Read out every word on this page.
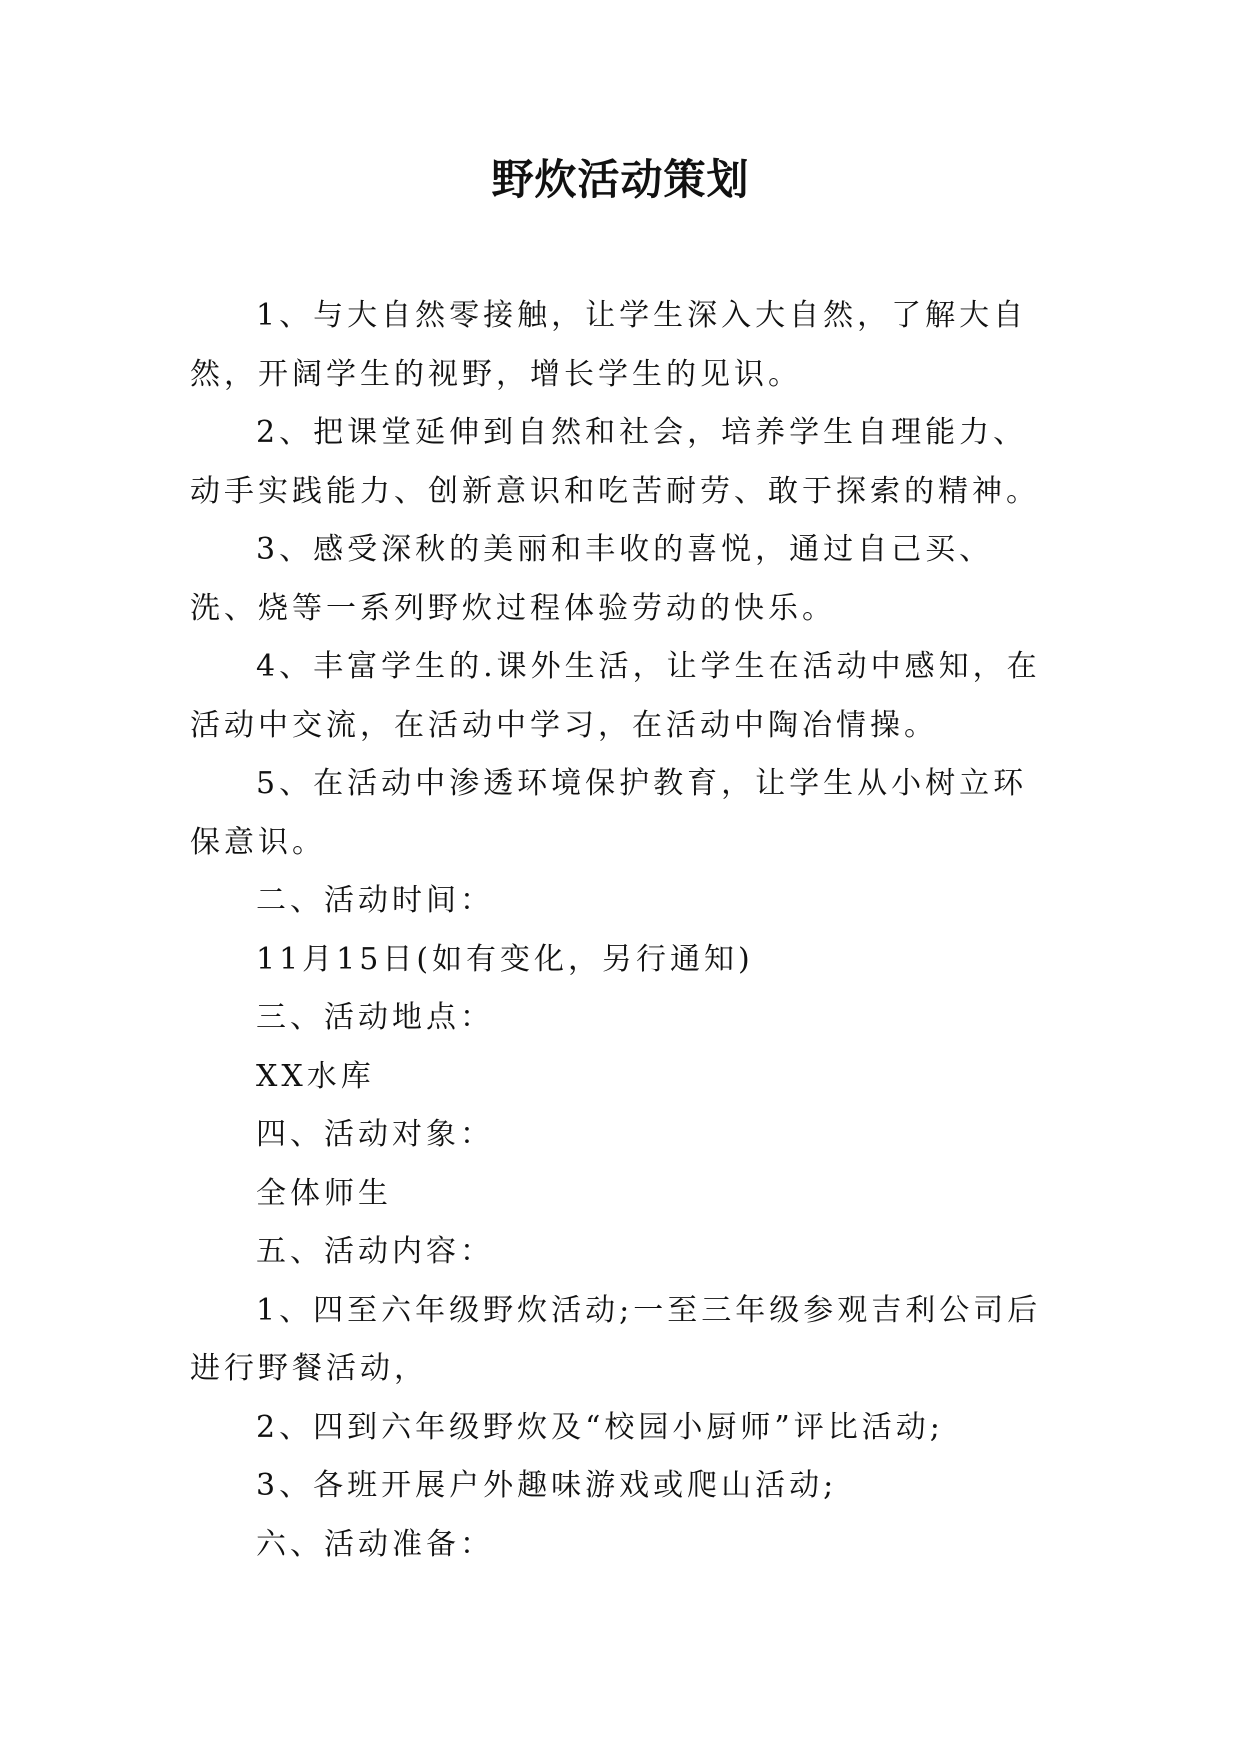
野炊活动策划

1、与大自然零接触，让学生深入大自然，了解大自然，开阔学生的视野，增长学生的见识。

2、把课堂延伸到自然和社会，培养学生自理能力、动手实践能力、创新意识和吃苦耐劳、敢于探索的精神。

3、感受深秋的美丽和丰收的喜悦，通过自己买、洗、烧等一系列野炊过程体验劳动的快乐。

4、丰富学生的.课外生活，让学生在活动中感知，在活动中交流，在活动中学习，在活动中陶冶情操。

5、在活动中渗透环境保护教育，让学生从小树立环保意识。

二、活动时间：

11月15日(如有变化，另行通知)

三、活动地点：

XX水库

四、活动对象：

全体师生

五、活动内容：

1、四至六年级野炊活动;一至三年级参观吉利公司后进行野餐活动，

2、四到六年级野炊及“校园小厨师”评比活动;

3、各班开展户外趣味游戏或爬山活动;

六、活动准备：
